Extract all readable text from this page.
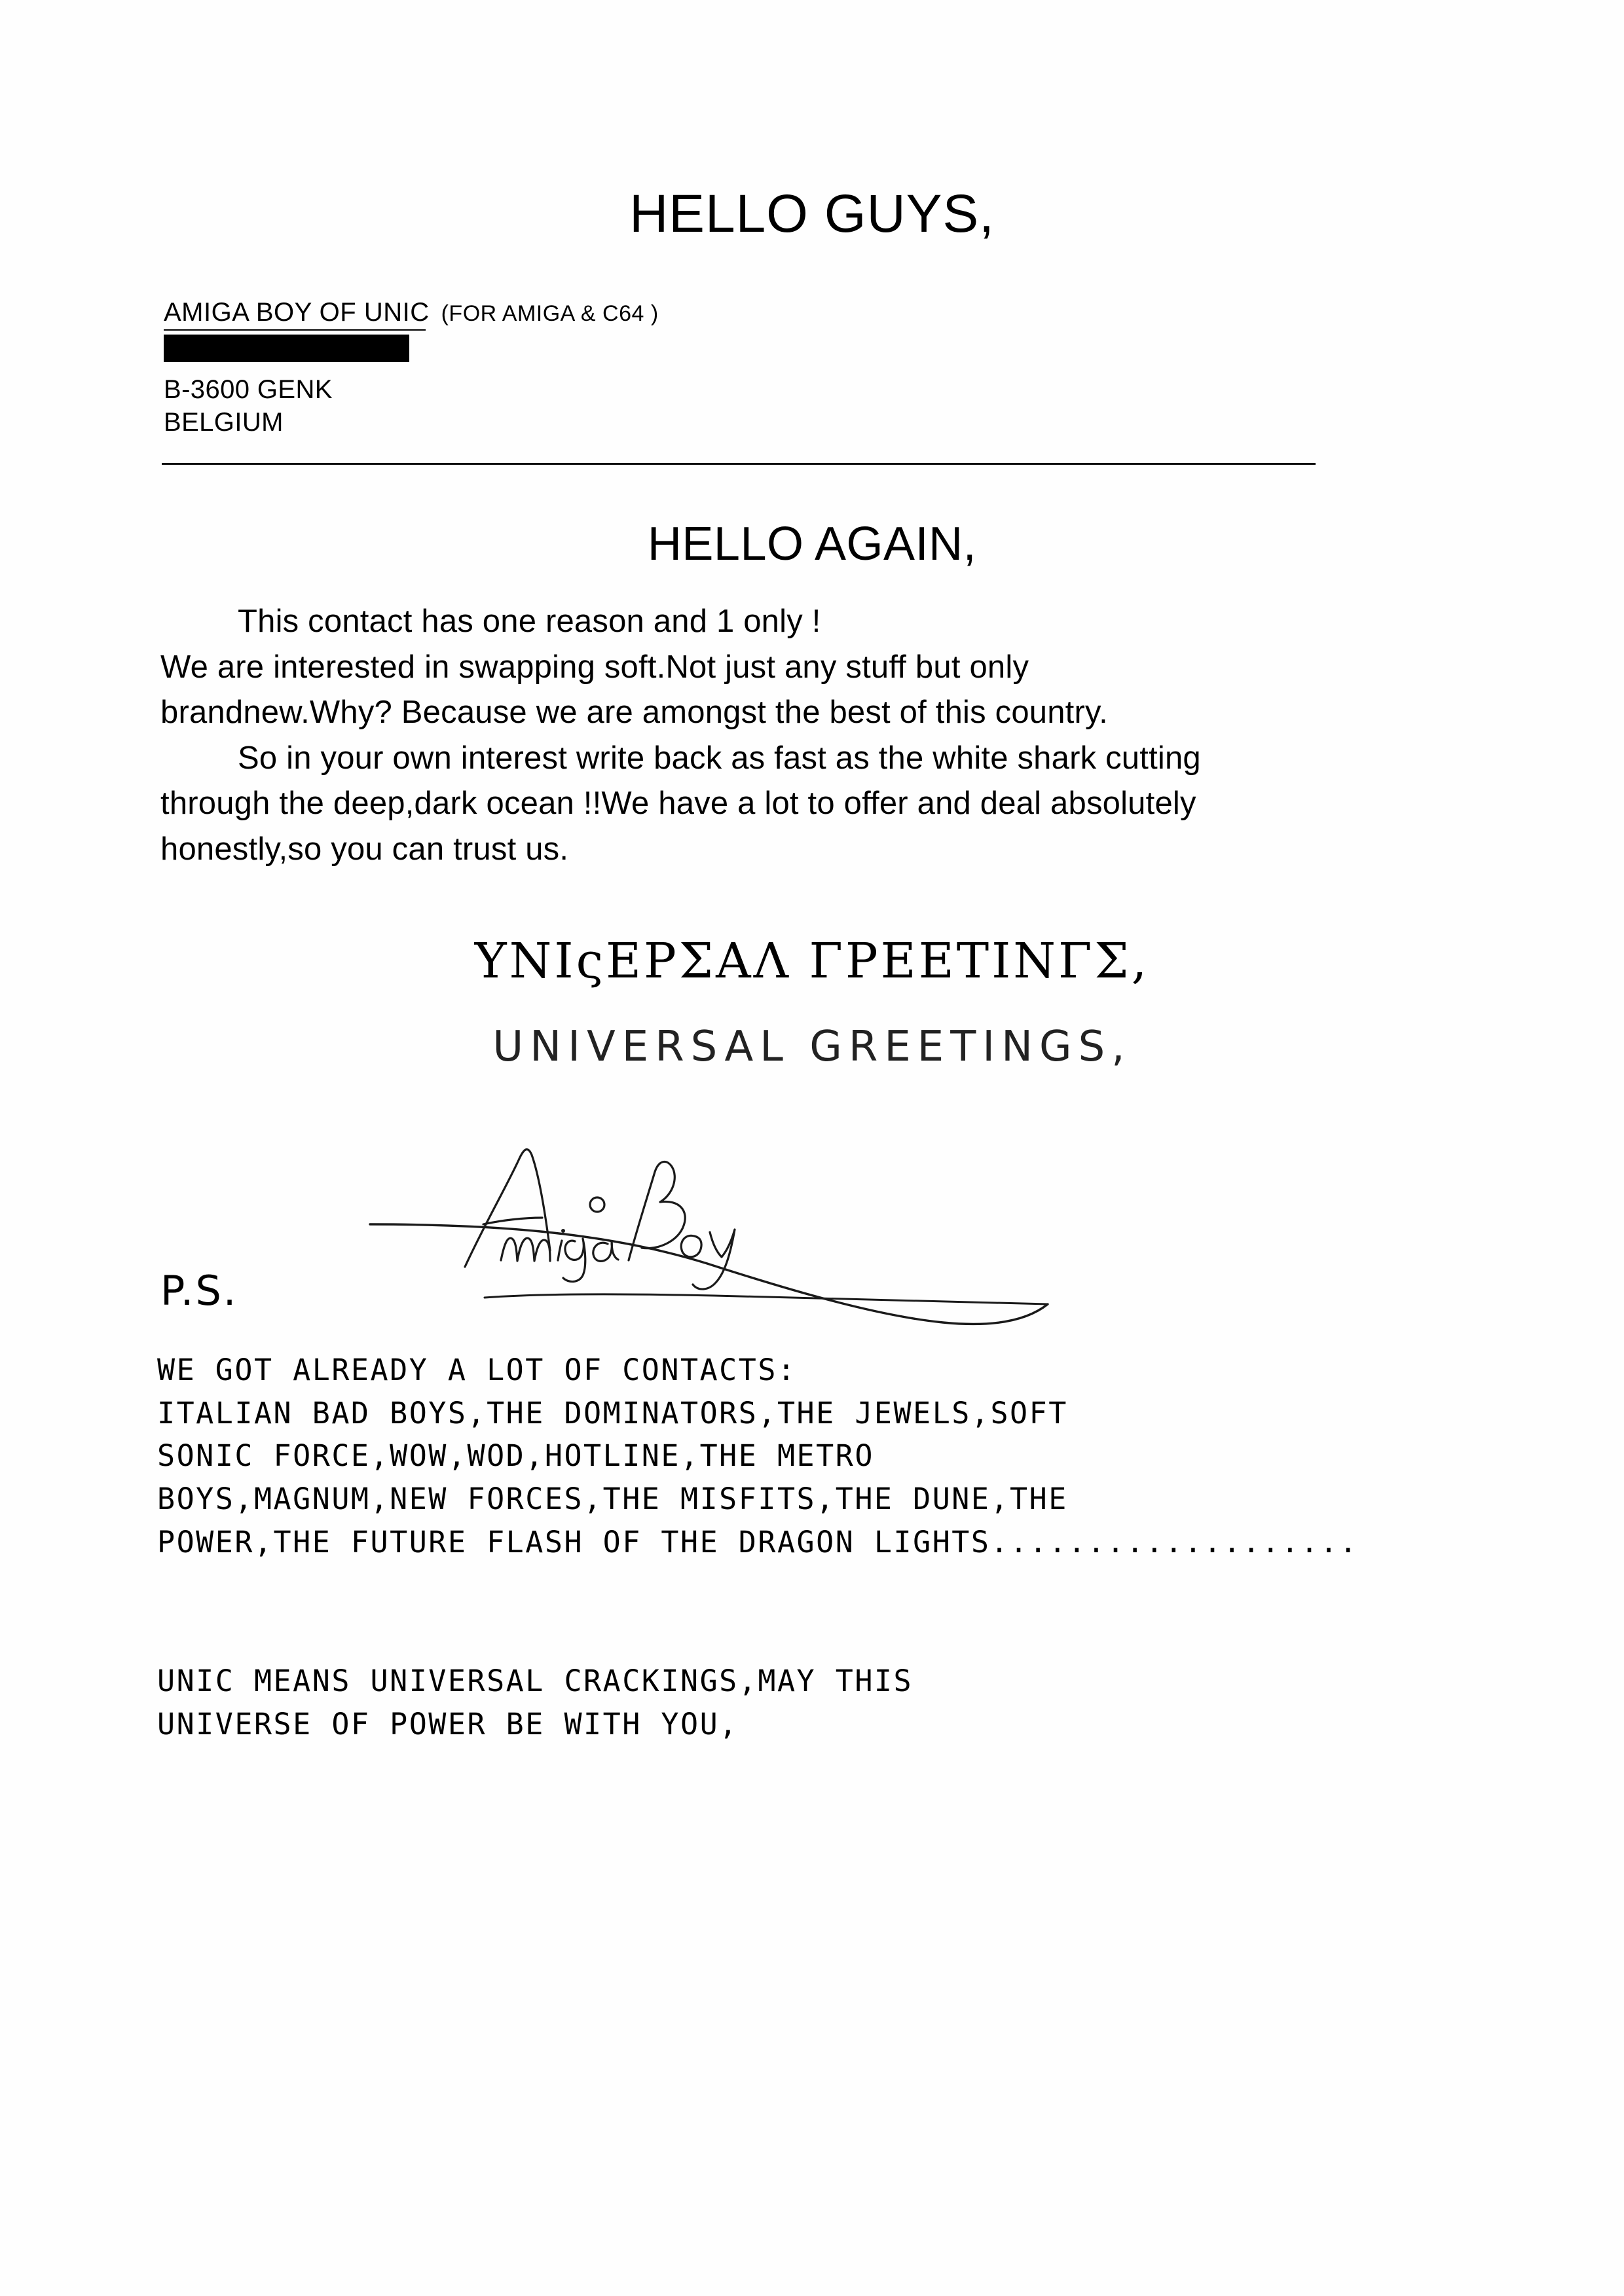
HELLO GUYS,
AMIGA BOY OF UNIC (FOR AMIGA & C64 )
B-3600 GENK
BELGIUM
HELLO AGAIN,

This contact has one reason and 1 only !

We are interested in swapping soft.Not just any stuff but only

brandnew.Why? Because we are amongst the best of this country.

So in your own interest write back as fast as the white shark cutting

through the deep,dark ocean !!We have a lot to offer and deal absolutely

honestly,so you can trust us.

ΥΝΙςΕΡΣΑΛ ΓΡΕΕΤΙΝΓΣ,
UNIVERSAL GREETINGS,
P.S.

WE GOT ALREADY A LOT OF CONTACTS:

ITALIAN BAD BOYS,THE DOMINATORS,THE JEWELS,SOFT

SONIC FORCE,WOW,WOD,HOTLINE,THE METRO

BOYS,MAGNUM,NEW FORCES,THE MISFITS,THE DUNE,THE

POWER,THE FUTURE FLASH OF THE DRAGON LIGHTS...................

UNIC MEANS UNIVERSAL CRACKINGS,MAY THIS

UNIVERSE OF POWER BE WITH YOU,
